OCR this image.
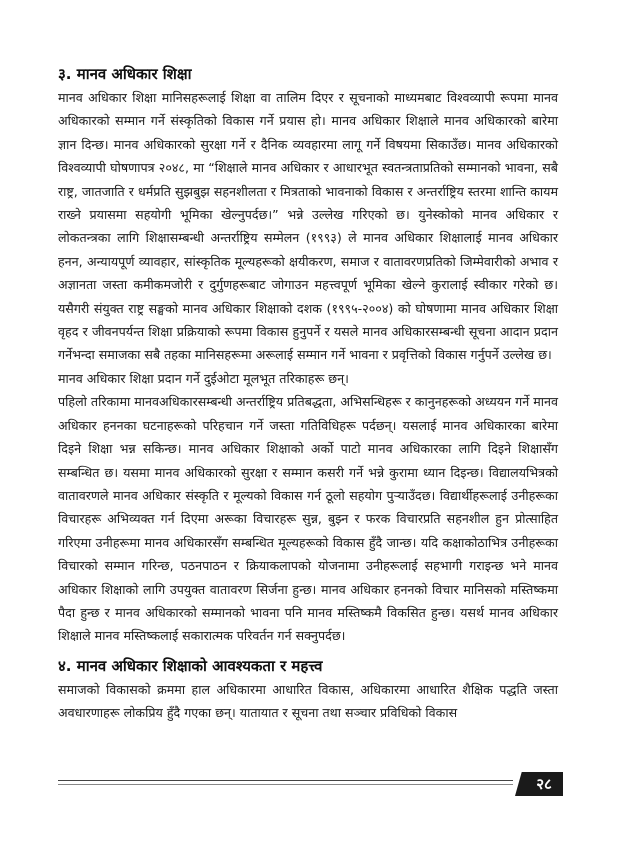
३. मानव अधिकार शिक्षा

मानव अधिकार शिक्षा मानिसहरूलाई शिक्षा वा तालिम दिएर र सूचनाको माध्यमबाट विश्वव्यापी रूपमा मानव अधिकारको सम्मान गर्ने संस्कृतिको विकास गर्ने प्रयास हो। मानव अधिकार शिक्षाले मानव अधिकारको बारेमा ज्ञान दिन्छ। मानव अधिकारको सुरक्षा गर्ने र दैनिक व्यवहारमा लागू गर्ने विषयमा सिकाउँछ। मानव अधिकारको विश्वव्यापी घोषणापत्र २०४८, मा “शिक्षाले मानव अधिकार र आधारभूत स्वतन्त्रताप्रतिको सम्मानको भावना, सबै राष्ट्र, जातजाति र धर्मप्रति सुझबुझ सहनशीलता र मित्रताको भावनाको विकास र अन्तर्राष्ट्रिय स्तरमा शान्ति कायम राख्ने प्रयासमा सहयोगी भूमिका खेल्नुपर्दछ।” भन्ने उल्लेख गरिएको छ। युनेस्कोको मानव अधिकार र लोकतन्त्रका लागि शिक्षासम्बन्धी अन्तर्राष्ट्रिय सम्मेलन (१९९३) ले मानव अधिकार शिक्षालाई मानव अधिकार हनन, अन्यायपूर्ण व्यावहार, सांस्कृतिक मूल्यहरूको क्षयीकरण, समाज र वातावरणप्रतिको जिम्मेवारीको अभाव र अज्ञानता जस्ता कमीकमजोरी र दुर्गुणहरूबाट जोगाउन महत्त्वपूर्ण भूमिका खेल्ने कुरालाई स्वीकार गरेको छ। यसैगरी संयुक्त राष्ट्र सङ्घको मानव अधिकार शिक्षाको दशक (१९९५-२००४) को घोषणामा मानव अधिकार शिक्षा वृहद र जीवनपर्यन्त शिक्षा प्रक्रियाको रूपमा विकास हुनुपर्ने र यसले मानव अधिकारसम्बन्धी सूचना आदान प्रदान गर्नेभन्दा समाजका सबै तहका मानिसहरूमा अरूलाई सम्मान गर्ने भावना र प्रवृत्तिको विकास गर्नुपर्ने उल्लेख छ।

मानव अधिकार शिक्षा प्रदान गर्ने दुईओटा मूलभूत तरिकाहरू छन्।

पहिलो तरिकामा मानवअधिकारसम्बन्धी अन्तर्राष्ट्रिय प्रतिबद्धता, अभिसन्धिहरू र कानुनहरूको अध्ययन गर्ने मानव अधिकार हननका घटनाहरूको परिहचान गर्ने जस्ता गतिविधिहरू पर्दछन्। यसलाई मानव अधिकारका बारेमा दिइने शिक्षा भन्न सकिन्छ। मानव अधिकार शिक्षाको अर्को पाटो मानव अधिकारका लागि दिइने शिक्षासँग सम्बन्धित छ। यसमा मानव अधिकारको सुरक्षा र सम्मान कसरी गर्ने भन्ने कुरामा ध्यान दिइन्छ। विद्यालयभित्रको वातावरणले मानव अधिकार संस्कृति र मूल्यको विकास गर्न ठूलो सहयोग पुऱ्याउँदछ। विद्यार्थीहरूलाई उनीहरूका विचारहरू अभिव्यक्त गर्न दिएमा अरूका विचारहरू सुन्न, बुझ्न र फरक विचारप्रति सहनशील हुन प्रोत्साहित गरिएमा उनीहरूमा मानव अधिकारसँग सम्बन्धित मूल्यहरूको विकास हुँदै जान्छ। यदि कक्षाकोठाभित्र उनीहरूका विचारको सम्मान गरिन्छ, पठनपाठन र क्रियाकलापको योजनामा उनीहरूलाई सहभागी गराइन्छ भने मानव अधिकार शिक्षाको लागि उपयुक्त वातावरण सिर्जना हुन्छ। मानव अधिकार हननको विचार मानिसको मस्तिष्कमा पैदा हुन्छ र मानव अधिकारको सम्मानको भावना पनि मानव मस्तिष्कमै विकसित हुन्छ। यसर्थ मानव अधिकार शिक्षाले मानव मस्तिष्कलाई सकारात्मक परिवर्तन गर्न सक्नुपर्दछ।

४. मानव अधिकार शिक्षाको आवश्यकता र महत्त्व

समाजको विकासको क्रममा हाल अधिकारमा आधारित विकास, अधिकारमा आधारित शैक्षिक पद्धति जस्ता अवधारणाहरू लोकप्रिय हुँदै गएका छन्। यातायात र सूचना तथा सञ्चार प्रविधिको विकास

२८
